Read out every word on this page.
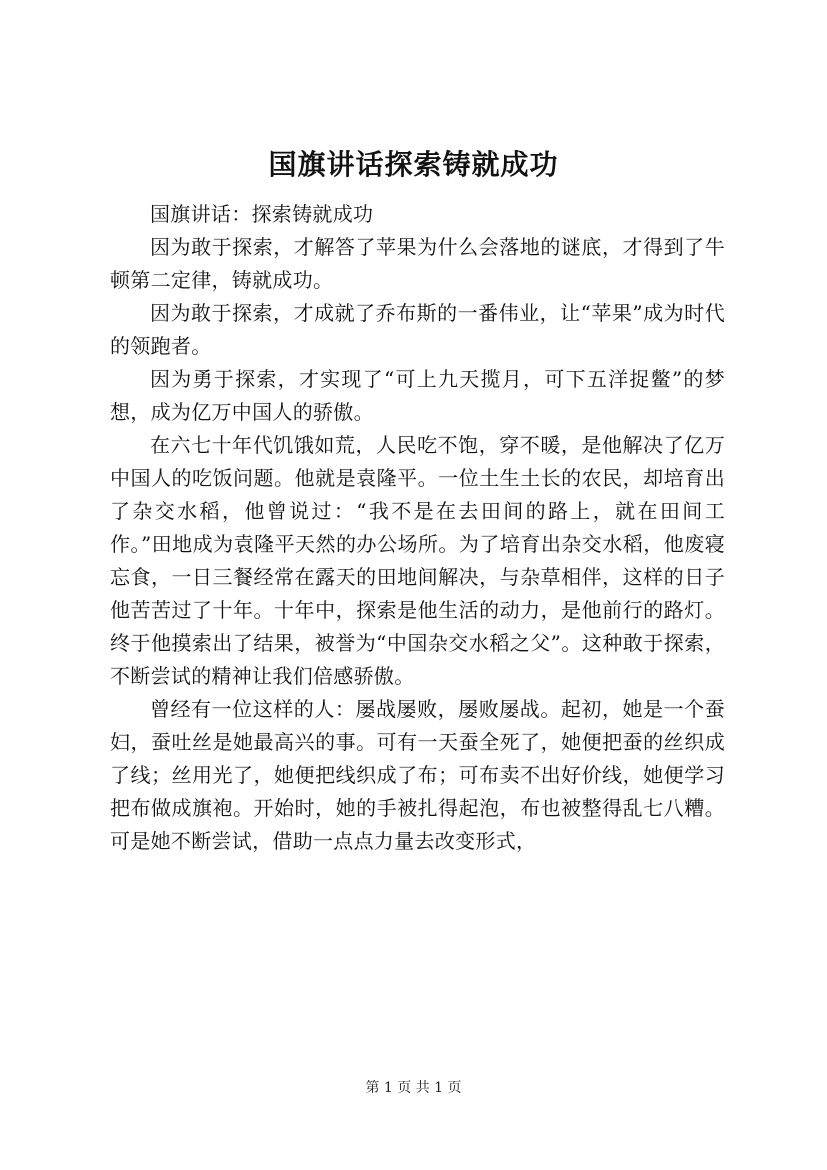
国旗讲话探索铸就成功

国旗讲话：探索铸就成功

因为敢于探索，才解答了苹果为什么会落地的谜底，才得到了牛顿第二定律，铸就成功。

因为敢于探索，才成就了乔布斯的一番伟业，让“苹果”成为时代的领跑者。

因为勇于探索，才实现了“可上九天揽月，可下五洋捉鳖”的梦想，成为亿万中国人的骄傲。

在六七十年代饥饿如荒，人民吃不饱，穿不暖，是他解决了亿万中国人的吃饭问题。他就是袁隆平。一位土生土长的农民，却培育出了杂交水稻，他曾说过：“我不是在去田间的路上，就在田间工作。”田地成为袁隆平天然的办公场所。为了培育出杂交水稻，他废寝忘食，一日三餐经常在露天的田地间解决，与杂草相伴，这样的日子他苦苦过了十年。十年中，探索是他生活的动力，是他前行的路灯。终于他摸索出了结果，被誉为“中国杂交水稻之父”。这种敢于探索，不断尝试的精神让我们倍感骄傲。

曾经有一位这样的人：屡战屡败，屡败屡战。起初，她是一个蚕妇，蚕吐丝是她最高兴的事。可有一天蚕全死了，她便把蚕的丝织成了线；丝用光了，她便把线织成了布；可布卖不出好价线，她便学习把布做成旗袍。开始时，她的手被扎得起泡，布也被整得乱七八糟。可是她不断尝试，借助一点点力量去改变形式，

第 1 页 共 1 页
